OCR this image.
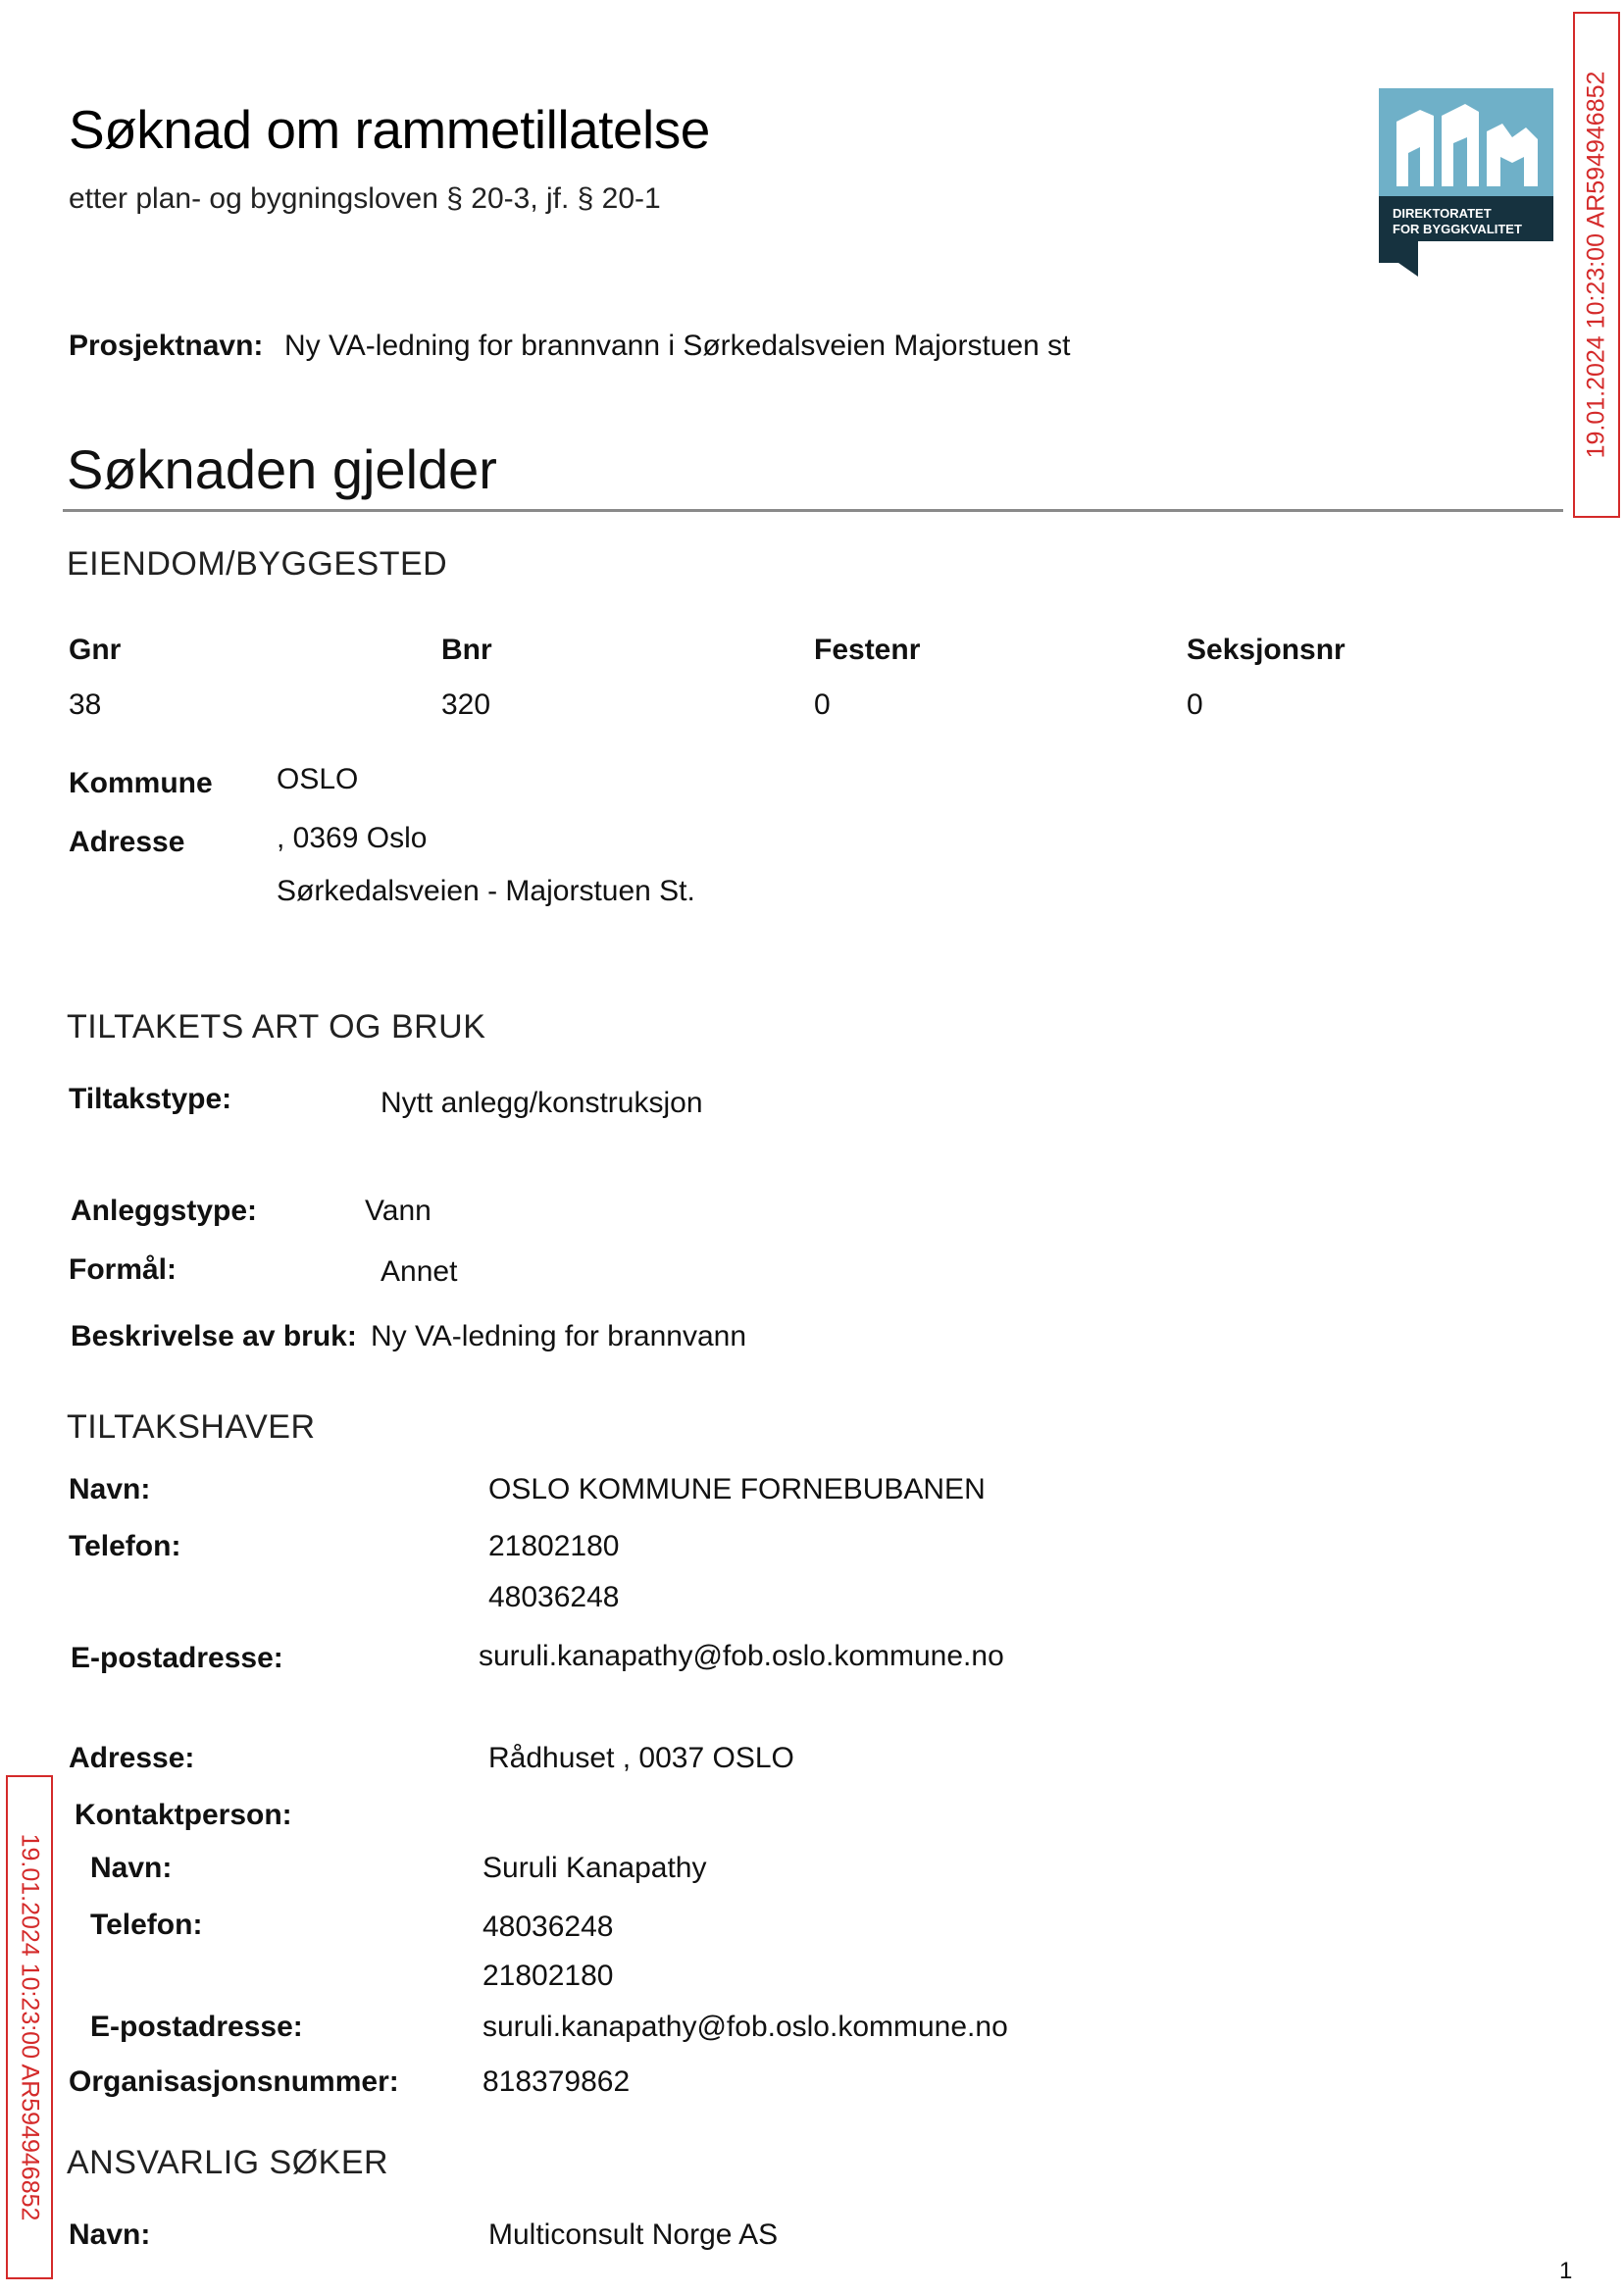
Søknad om rammetillatelse
etter plan- og bygningsloven § 20-3, jf. § 20-1	DIREKTORATET
FOR BYGGKVALITET
Prosjektnavn: Ny VA-ledning for brannvann i Sørkedalsveien Majorstuen st
Søknaden gjelder
EIENDOM/BYGGESTED
Gnr	Bnr	Festenr	Seksjonsnr
38	320	0	0
Kommune OSLO
Adresse	, 0369 Oslo
Sørkedalsveien - Majorstuen St.
TILTAKETS ART OG BRUK
Tiltakstype:	Nytt anlegg/konstruksjon
Anleggstype:	Vann
Formål:	Annet
Beskrivelse av bruk: Ny VA-ledning for brannvann
TILTAKSHAVER
Navn:	OSLO KOMMUNE FORNEBUBANEN
Telefon:	21802180
48036248
E-postadresse:	suruli.kanapathy@fob.oslo.kommune.no
Adresse:	Rådhuset , 0037 OSLO
Kontaktperson:
Navn:	Suruli Kanapathy
Telefon:	48036248
21802180
E-postadresse:	suruli.kanapathy@fob.oslo.kommune.no
Organisasjonsnummer:	818379862
ANSVARLIG SØKER
Navn:	Multiconsult Norge AS
1
19.01.2024 10:23:00 AR594946852
19.01.2024 10:23:00 AR594946852
